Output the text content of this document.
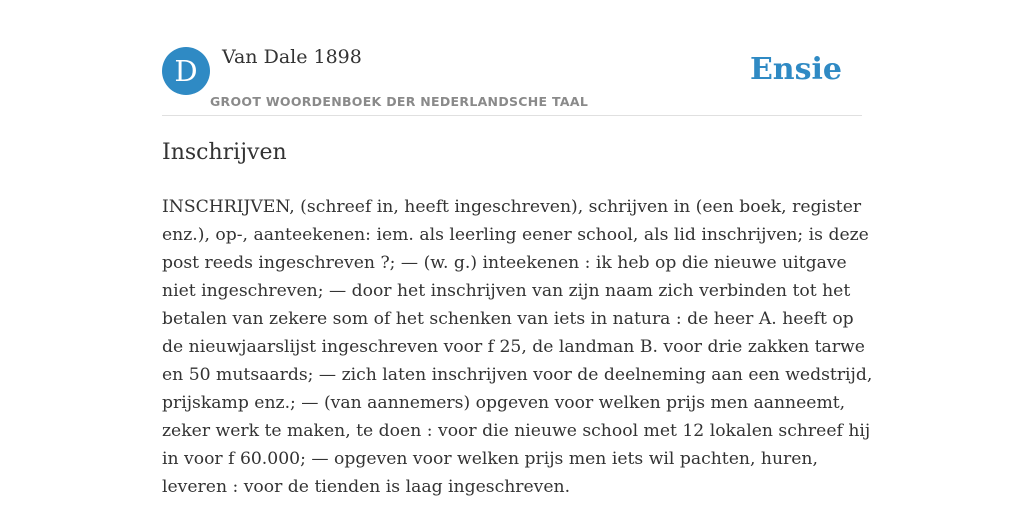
D	Van Dale 1898
GROOT WOORDENBOEK DER NEDERLANDSCHE TAAL
Ensie
Inschrijven
INSCHRIJVEN, (schreef in, heeft ingeschreven), schrijven in (een boek, register
enz.), op-, aanteekenen: iem. als leerling eener school, als lid inschrijven; is deze
post reeds ingeschreven ?; — (w. g.) inteekenen : ik heb op die nieuwe uitgave
niet ingeschreven; — door het inschrijven van zijn naam zich verbinden tot het
betalen van zekere som of het schenken van iets in natura : de heer A. heeft op
de nieuwjaarslijst ingeschreven voor f 25, de landman B. voor drie zakken tarwe
en 50 mutsaards; — zich laten inschrijven voor de deelneming aan een wedstrijd,
prijskamp enz.; — (van aannemers) opgeven voor welken prijs men aanneemt,
zeker werk te maken, te doen : voor die nieuwe school met 12 lokalen schreef hij
in voor f 60.000; — opgeven voor welken prijs men iets wil pachten, huren,
leveren : voor de tienden is laag ingeschreven.
